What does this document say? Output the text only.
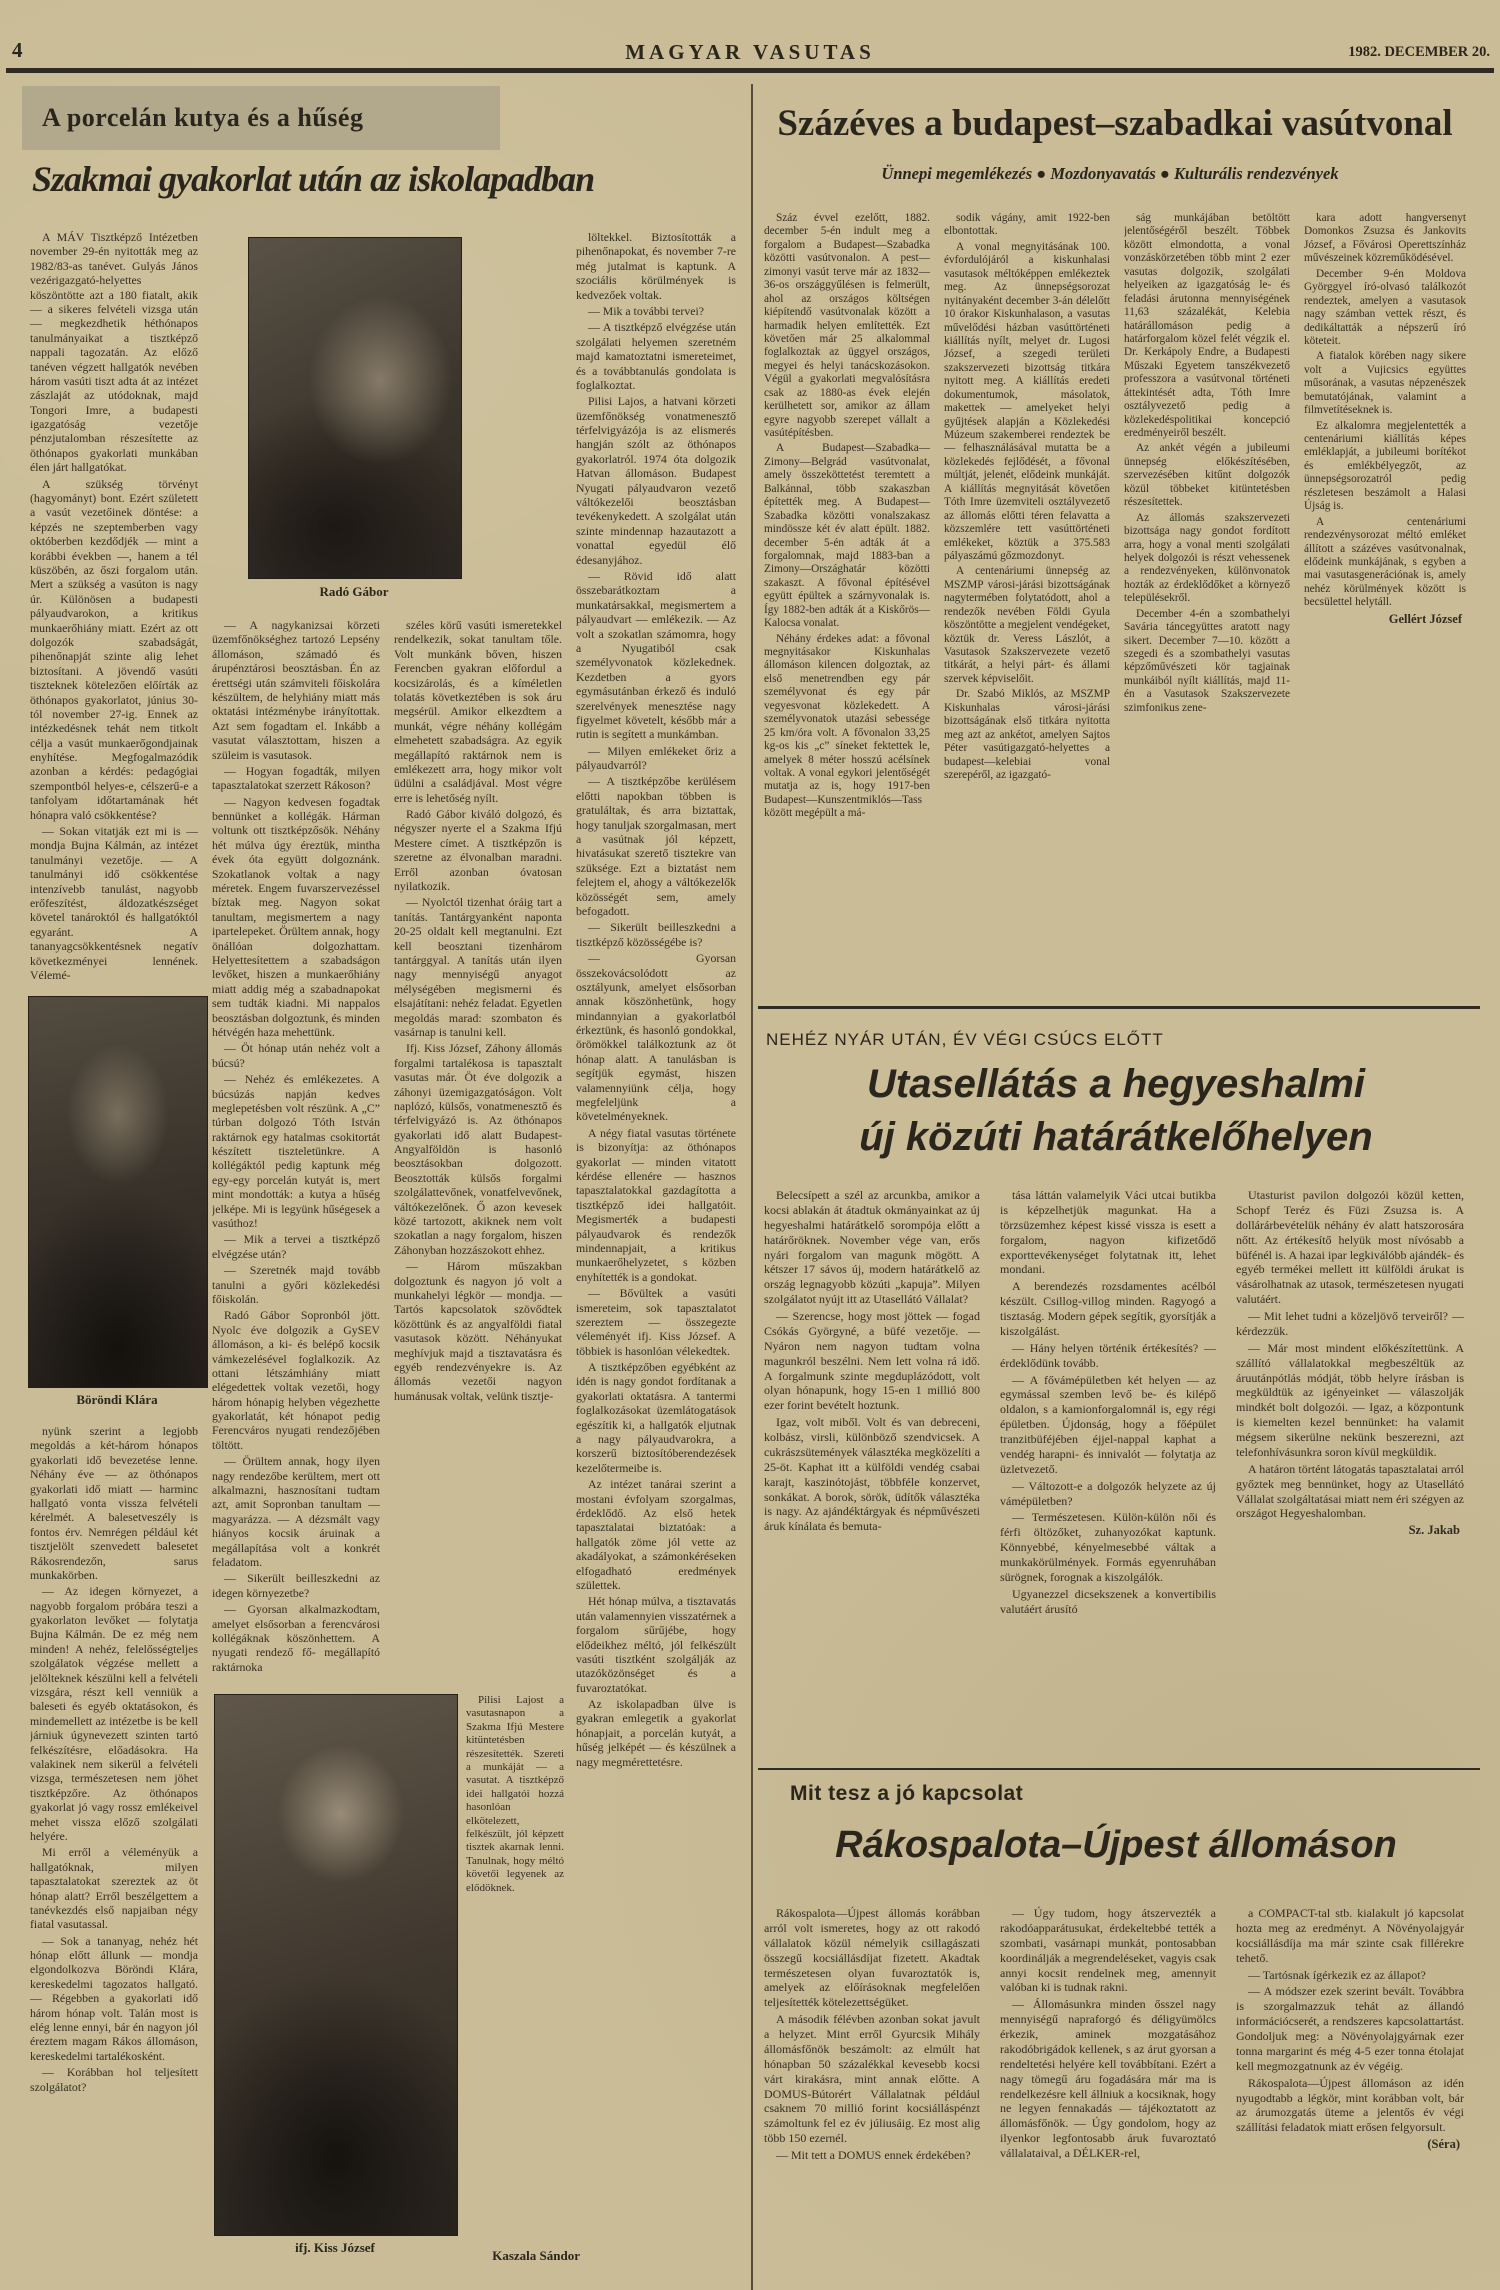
4	MAGYAR VASUTAS	1982. DECEMBER 20.
A porcelán kutya és a hűség
Szakmai gyakorlat után az iskolapadban

A MÁV Tisztképző Intézetben november 29-én nyitották meg az 1982/83-as tanévet. Gulyás János vezérigazgató-helyettes köszöntötte azt a 180 fiatalt, akik — a sikeres felvételi vizsga után — megkezdhetik héthónapos tanulmányaikat a tisztképző nappali tagozatán. Az előző tanéven végzett hallgatók nevében három vasúti tiszt adta át az intézet zászlaját az utódoknak, majd Tongori Imre, a budapesti igazgatóság vezetője pénzjutalomban részesítette az öthónapos gyakorlati munkában élen járt hallgatókat.

A szükség törvényt (hagyományt) bont. Ezért született a vasút vezetőinek döntése: a képzés ne szeptemberben vagy októberben kezdődjék — mint a korábbi években —, hanem a tél küszöbén, az őszi forgalom után. Mert a szükség a vasúton is nagy úr. Különösen a budapesti pályaudvarokon, a kritikus munkaerőhiány miatt. Ezért az ott dolgozók szabadságát, pihenőnapját szinte alig lehet biztosítani. A jövendő vasúti tiszteknek kötelezően előírták az öthónapos gyakorlatot, június 30-tól november 27-ig. Ennek az intézkedésnek tehát nem titkolt célja a vasút munkaerőgondjainak enyhítése. Megfogalmazódik azonban a kérdés: pedagógiai szempontból helyes-e, célszerű-e a tanfolyam időtartamának hét hónapra való csökkentése?

— Sokan vitatják ezt mi is — mondja Bujna Kálmán, az intézet tanulmányi vezetője. — A tanulmányi idő csökkentése intenzívebb tanulást, nagyobb erőfeszítést, áldozatkészséget követel tanároktól és hallgatóktól egyaránt. A tananyagcsökkentésnek negatív következményei lennének. Vélemé-

Böröndi Klára

nyünk szerint a legjobb megoldás a két-három hónapos gyakorlati idő bevezetése lenne. Néhány éve — az öthónapos gyakorlati idő miatt — harminc hallgató vonta vissza felvételi kérelmét. A balesetveszély is fontos érv. Nemrégen például két tisztjelölt szenvedett balesetet Rákosrendezőn, sarus munkakörben.

— Az idegen környezet, a nagyobb forgalom próbára teszi a gyakorlaton levőket — folytatja Bujna Kálmán. De ez még nem minden! A nehéz, felelősségteljes szolgálatok végzése mellett a jelölteknek készülni kell a felvételi vizsgára, részt kell venniük a baleseti és egyéb oktatásokon, és mindemellett az intézetbe is be kell járniuk úgynevezett szinten tartó felkészítésre, előadásokra. Ha valakinek nem sikerül a felvételi vizsga, természetesen nem jöhet tisztképzőre. Az öthónapos gyakorlat jó vagy rossz emlékeivel mehet vissza előző szolgálati helyére.

Mi erről a véleményük a hallgatóknak, milyen tapasztalatokat szereztek az öt hónap alatt? Erről beszélgettem a tanévkezdés első napjaiban négy fiatal vasutassal.

— Sok a tananyag, nehéz hét hónap előtt állunk — mondja elgondolkozva Böröndi Klára, kereskedelmi tagozatos hallgató. — Régebben a gyakorlati idő három hónap volt. Talán most is elég lenne ennyi, bár én nagyon jól éreztem magam Rákos állomáson, kereskedelmi tartalékosként.

— Korábban hol teljesített szolgálatot?

Radó Gábor

— A nagykanizsai körzeti üzemfőnökséghez tartozó Lepsény állomáson, számadó és árupénztárosi beosztásban. Én az érettségi után számviteli főiskolára készültem, de helyhiány miatt más oktatási intézménybe irányítottak. Azt sem fogadtam el. Inkább a vasutat választottam, hiszen a szüleim is vasutasok.

— Hogyan fogadták, milyen tapasztalatokat szerzett Rákoson?

— Nagyon kedvesen fogadtak bennünket a kollégák. Hárman voltunk ott tisztképzősök. Néhány hét múlva úgy éreztük, mintha évek óta együtt dolgoznánk. Szokatlanok voltak a nagy méretek. Engem fuvarszervezéssel bíztak meg. Nagyon sokat tanultam, megismertem a nagy ipartelepeket. Örültem annak, hogy önállóan dolgozhattam. Helyettesítettem a szabadságon levőket, hiszen a munkaerőhiány miatt addig még a szabadnapokat sem tudták kiadni. Mi nappalos beosztásban dolgoztunk, és minden hétvégén haza mehettünk.

— Öt hónap után nehéz volt a búcsú?

— Nehéz és emlékezetes. A búcsúzás napján kedves meglepetésben volt részünk. A „C” túrban dolgozó Tóth István raktárnok egy hatalmas csokitortát készített tiszteletünkre. A kollégáktól pedig kaptunk még egy-egy porcelán kutyát is, mert mint mondották: a kutya a hűség jelképe. Mi is legyünk hűségesek a vasúthoz!

— Mik a tervei a tisztképző elvégzése után?

— Szeretnék majd tovább tanulni a győri közlekedési főiskolán.

Radó Gábor Sopronból jött. Nyolc éve dolgozik a GySEV állomáson, a ki- és belépő kocsik vámkezelésével foglalkozik. Az ottani létszámhiány miatt elégedettek voltak vezetői, hogy három hónapig helyben végezhette gyakorlatát, két hónapot pedig Ferencváros nyugati rendezőjében töltött.

— Örültem annak, hogy ilyen nagy rendezőbe kerültem, mert ott alkalmazni, hasznosítani tudtam azt, amit Sopronban tanultam — magyarázza. — A dézsmált vagy hiányos kocsik áruinak a megállapítása volt a konkrét feladatom.

— Sikerült beilleszkedni az idegen környezetbe?

— Gyorsan alkalmazkodtam, amelyet elsősorban a ferencvárosi kollégáknak köszönhettem. A nyugati rendező fő- megállapító raktárnoka

széles körű vasúti ismeretekkel rendelkezik, sokat tanultam tőle. Volt munkánk bőven, hiszen Ferencben gyakran előfordul a kocsizárolás, és a kíméletlen tolatás következtében is sok áru megsérül. Amikor elkezdtem a munkát, végre néhány kollégám elmehetett szabadságra. Az egyik megállapító raktárnok nem is emlékezett arra, hogy mikor volt üdülni a családjával. Most végre erre is lehetőség nyílt.

Radó Gábor kiváló dolgozó, és négyszer nyerte el a Szakma Ifjú Mestere címet. A tisztképzőn is szeretne az élvonalban maradni. Erről azonban óvatosan nyilatkozik.

— Nyolctól tizenhat óráig tart a tanítás. Tantárgyanként naponta 20-25 oldalt kell megtanulni. Ezt kell beosztani tizenhárom tantárggyal. A tanítás után ilyen nagy mennyiségű anyagot mélységében megismerni és elsajátítani: nehéz feladat. Egyetlen megoldás marad: szombaton és vasárnap is tanulni kell.

Ifj. Kiss József, Záhony állomás forgalmi tartalékosa is tapasztalt vasutas már. Öt éve dolgozik a záhonyi üzemigazgatóságon. Volt naplózó, külsős, vonatmenesztő és térfelvigyázó is. Az öthónapos gyakorlati idő alatt Budapest-Angyalföldön is hasonló beosztásokban dolgozott. Beosztották külsős forgalmi szolgálattevőnek, vonatfelvevőnek, váltókezelőnek. Ő azon kevesek közé tartozott, akiknek nem volt szokatlan a nagy forgalom, hiszen Záhonyban hozzászokott ehhez.

— Három műszakban dolgoztunk és nagyon jó volt a munkahelyi légkör — mondja. — Tartós kapcsolatok szövődtek közöttünk és az angyalföldi fiatal vasutasok között. Néhányukat meghívjuk majd a tisztavatásra és egyéb rendezvényekre is. Az állomás vezetői nagyon humánusak voltak, velünk tisztje-

ifj. Kiss József

Pilisi Lajost a vasutasnapon a Szakma Ifjú Mestere kitüntetésben részesítették. Szereti a munkáját — a vasutat. A tisztképző idei hallgatói hozzá hasonlóan elkötelezett, felkészült, jól képzett tisztek akarnak lenni. Tanulnak, hogy méltó követői legyenek az elődöknek.

Kaszala Sándor

löltekkel. Biztosították a pihenőnapokat, és november 7-re még jutalmat is kaptunk. A szociális körülmények is kedvezőek voltak.

— Mik a további tervei?

— A tisztképző elvégzése után szolgálati helyemen szeretném majd kamatoztatni ismereteimet, és a továbbtanulás gondolata is foglalkoztat.

Pilisi Lajos, a hatvani körzeti üzemfőnökség vonatmenesztő térfelvigyázója is az elismerés hangján szólt az öthónapos gyakorlatról. 1974 óta dolgozik Hatvan állomáson. Budapest Nyugati pályaudvaron vezető váltókezelői beosztásban tevékenykedett. A szolgálat után szinte mindennap hazautazott a vonattal egyedül élő édesanyjához.

— Rövid idő alatt összebarátkoztam a munkatársakkal, megismertem a pályaudvart — emlékezik. — Az volt a szokatlan számomra, hogy a Nyugatiból csak személyvonatok közlekednek. Kezdetben a gyors egymásutánban érkező és induló szerelvények menesztése nagy figyelmet követelt, később már a rutin is segített a munkámban.

— Milyen emlékeket őriz a pályaudvarról?

— A tisztképzőbe kerülésem előtti napokban többen is gratuláltak, és arra biztattak, hogy tanuljak szorgalmasan, mert a vasútnak jól képzett, hivatásukat szerető tisztekre van szüksége. Ezt a biztatást nem felejtem el, ahogy a váltókezelők közösségét sem, amely befogadott.

— Sikerült beilleszkedni a tisztképző közösségébe is?

— Gyorsan összekovácsolódott az osztályunk, amelyet elsősorban annak köszönhetünk, hogy mindannyian a gyakorlatból érkeztünk, és hasonló gondokkal, örömökkel találkoztunk az öt hónap alatt. A tanulásban is segítjük egymást, hiszen valamennyiünk célja, hogy megfeleljünk a követelményeknek.

A négy fiatal vasutas története is bizonyítja: az öthónapos gyakorlat — minden vitatott kérdése ellenére — hasznos tapasztalatokkal gazdagította a tisztképző idei hallgatóit. Megismerték a budapesti pályaudvarok és rendezők mindennapjait, a kritikus munkaerőhelyzetet, s közben enyhítették is a gondokat.

— Bővültek a vasúti ismereteim, sok tapasztalatot szereztem — összegezte véleményét ifj. Kiss József. A többiek is hasonlóan vélekedtek.

A tisztképzőben egyébként az idén is nagy gondot fordítanak a gyakorlati oktatásra. A tantermi foglalkozásokat üzemlátogatások egészítik ki, a hallgatók eljutnak a nagy pályaudvarokra, a korszerű biztosítóberendezések kezelőtermeibe is.

Az intézet tanárai szerint a mostani évfolyam szorgalmas, érdeklődő. Az első hetek tapasztalatai biztatóak: a hallgatók zöme jól vette az akadályokat, a számonkéréseken elfogadható eredmények születtek.

Hét hónap múlva, a tisztavatás után valamennyien visszatérnek a forgalom sűrűjébe, hogy elődeikhez méltó, jól felkészült vasúti tisztként szolgálják az utazóközönséget és a fuvaroztatókat.

Az iskolapadban ülve is gyakran emlegetik a gyakorlat hónapjait, a porcelán kutyát, a hűség jelképét — és készülnek a nagy megmérettetésre.

Százéves a budapest–szabadkai vasútvonal
Ünnepi megemlékezés ● Mozdonyavatás ● Kulturális rendezvények

Száz évvel ezelőtt, 1882. december 5-én indult meg a forgalom a Budapest—Szabadka közötti vasútvonalon. A pest—zimonyi vasút terve már az 1832—36-os országgyűlésen is felmerült, ahol az országos költségen kiépítendő vasútvonalak között a harmadik helyen említették. Ezt követően már 25 alkalommal foglalkoztak az üggyel országos, megyei és helyi tanácskozásokon. Végül a gyakorlati megvalósításra csak az 1880-as évek elején kerülhetett sor, amikor az állam egyre nagyobb szerepet vállalt a vasútépítésben.

A Budapest—Szabadka—Zimony—Belgrád vasútvonalat, amely összeköttetést teremtett a Balkánnal, több szakaszban építették meg. A Budapest—Szabadka közötti vonalszakasz mindössze két év alatt épült. 1882. december 5-én adták át a forgalomnak, majd 1883-ban a Zimony—Országhatár közötti szakaszt. A fővonal építésével együtt épültek a szárnyvonalak is. Így 1882-ben adták át a Kiskőrös—Kalocsa vonalat.

Néhány érdekes adat: a fővonal megnyitásakor Kiskunhalas állomáson kilencen dolgoztak, az első menetrendben egy pár személyvonat és egy pár vegyesvonat közlekedett. A személyvonatok utazási sebessége 25 km/óra volt. A fővonalon 33,25 kg-os kis „c” síneket fektettek le, amelyek 8 méter hosszú acélsínek voltak. A vonal egykori jelentőségét mutatja az is, hogy 1917-ben Budapest—Kunszentmiklós—Tass között megépült a má-

sodik vágány, amit 1922-ben elbontottak.

A vonal megnyitásának 100. évfordulójáról a kiskunhalasi vasutasok méltóképpen emlékeztek meg. Az ünnepségsorozat nyitányaként december 3-án délelőtt 10 órakor Kiskunhalason, a vasutas művelődési házban vasúttörténeti kiállítás nyílt, melyet dr. Lugosi József, a szegedi területi szakszervezeti bizottság titkára nyitott meg. A kiállítás eredeti dokumentumok, másolatok, makettek — amelyeket helyi gyűjtések alapján a Közlekedési Múzeum szakemberei rendeztek be — felhasználásával mutatta be a közlekedés fejlődését, a fővonal múltját, jelenét, elődeink munkáját. A kiállítás megnyitását követően Tóth Imre üzemviteli osztályvezető az állomás előtti téren felavatta a közszemlére tett vasúttörténeti emlékeket, köztük a 375.583 pályaszámú gőzmozdonyt.

A centenáriumi ünnepség az MSZMP városi-járási bizottságának nagytermében folytatódott, ahol a rendezők nevében Földi Gyula köszöntötte a megjelent vendégeket, köztük dr. Veress Lászlót, a Vasutasok Szakszervezete vezető titkárát, a helyi párt- és állami szervek képviselőit.

Dr. Szabó Miklós, az MSZMP Kiskunhalas városi-járási bizottságának első titkára nyitotta meg azt az ankétot, amelyen Sajtos Péter vasútigazgató-helyettes a budapest—kelebiai vonal szerepéről, az igazgató-

ság munkájában betöltött jelentőségéről beszélt. Többek között elmondotta, a vonal vonzáskörzetében több mint 2 ezer vasutas dolgozik, szolgálati helyeiken az igazgatóság le- és feladási árutonna mennyiségének 11,63 százalékát, Kelebia határállomáson pedig a határforgalom közel felét végzik el. Dr. Kerkápoly Endre, a Budapesti Műszaki Egyetem tanszékvezető professzora a vasútvonal történeti áttekintését adta, Tóth Imre osztályvezető pedig a közlekedéspolitikai koncepció eredményeiről beszélt.

Az ankét végén a jubileumi ünnepség előkészítésében, szervezésében kitűnt dolgozók közül többeket kitüntetésben részesítettek.

Az állomás szakszervezeti bizottsága nagy gondot fordított arra, hogy a vonal menti szolgálati helyek dolgozói is részt vehessenek a rendezvényeken, különvonatok hozták az érdeklődőket a környező településekről.

December 4-én a szombathelyi Savária táncegyüttes aratott nagy sikert. December 7—10. között a szegedi és a szombathelyi vasutas képzőművészeti kör tagjainak munkáiból nyílt kiállítás, majd 11-én a Vasutasok Szakszervezete szimfonikus zene-

kara adott hangversenyt Domonkos Zsuzsa és Jankovits József, a Fővárosi Operettszínház művészeinek közreműködésével.

December 9-én Moldova Györggyel író-olvasó találkozót rendeztek, amelyen a vasutasok nagy számban vettek részt, és dedikáltatták a népszerű író köteteit.

A fiatalok körében nagy sikere volt a Vujicsics együttes műsorának, a vasutas népzenészek bemutatójának, valamint a filmvetítéseknek is.

Ez alkalomra megjelentették a centenáriumi kiállítás képes emléklapját, a jubileumi borítékot és emlékbélyegzőt, az ünnepségsorozatról pedig részletesen beszámolt a Halasi Újság is.

A centenáriumi rendezvénysorozat méltó emléket állított a százéves vasútvonalnak, elődeink munkájának, s egyben a mai vasutasgenerációnak is, amely nehéz körülmények között is becsülettel helytáll.

Gellért József

NEHÉZ NYÁR UTÁN, ÉV VÉGI CSÚCS ELŐTT
Utasellátás a hegyeshalmi
új közúti határátkelőhelyen

Belecsípett a szél az arcunkba, amikor a kocsi ablakán át átadtuk okmányainkat az új hegyeshalmi határátkelő sorompója előtt a határőröknek. November vége van, erős nyári forgalom van magunk mögött. A kétszer 17 sávos új, modern határátkelő az ország legnagyobb közúti „kapuja”. Milyen szolgálatot nyújt itt az Utasellátó Vállalat?

— Szerencse, hogy most jöttek — fogad Csókás Györgyné, a büfé vezetője. — Nyáron nem nagyon tudtam volna magunkról beszélni. Nem lett volna rá idő. A forgalmunk szinte megduplázódott, volt olyan hónapunk, hogy 15-en 1 millió 800 ezer forint bevételt hoztunk.

Igaz, volt miből. Volt és van debreceni, kolbász, virsli, különböző szendvicsek. A cukrászsütemények választéka megközelíti a 25-öt. Kaphat itt a külföldi vendég csabai karajt, kaszinótojást, többféle konzervet, sonkákat. A borok, sörök, üdítők választéka is nagy. Az ajándéktárgyak és népművészeti áruk kínálata és bemuta-

tása láttán valamelyik Váci utcai butikba is képzelhetjük magunkat. Ha a törzsüzemhez képest kissé vissza is esett a forgalom, nagyon kifizetődő exporttevékenységet folytatnak itt, lehet mondani.

A berendezés rozsdamentes acélból készült. Csillog-villog minden. Ragyogó a tisztaság. Modern gépek segítik, gyorsítják a kiszolgálást.

— Hány helyen történik értékesítés? — érdeklődünk tovább.

— A fővámépületben két helyen — az egymással szemben levő be- és kilépő oldalon, s a kamionforgalomnál is, egy régi épületben. Újdonság, hogy a főépület tranzitbüféjében éjjel-nappal kaphat a vendég harapni- és innivalót — folytatja az üzletvezető.

— Változott-e a dolgozók helyzete az új vámépületben?

— Természetesen. Külön-külön női és férfi öltözőket, zuhanyozókat kaptunk. Könnyebbé, kényelmesebbé váltak a munkakörülmények. Formás egyenruhában sürögnek, forognak a kiszolgálók.

Ugyanezzel dicsekszenek a konvertibilis valutáért árusító

Utasturist pavilon dolgozói közül ketten, Schopf Teréz és Füzi Zsuzsa is. A dollárárbevételük néhány év alatt hatszorosára nőtt. Az értékesítő helyük most nívósabb a büfénél is. A hazai ipar legkiválóbb ajándék- és egyéb termékei mellett itt külföldi árukat is vásárolhatnak az utasok, természetesen nyugati valutáért.

— Mit lehet tudni a közeljövő terveiről? — kérdezzük.

— Már most mindent előkészítettünk. A szállító vállalatokkal megbeszéltük az áruutánpótlás módját, több helyre írásban is megküldtük az igényeinket — válaszolják mindkét bolt dolgozói. — Igaz, a központunk is kiemelten kezel bennünket: ha valamit mégsem sikerülne nekünk beszerezni, azt telefonhívásunkra soron kívül megküldik.

A határon történt látogatás tapasztalatai arról győztek meg bennünket, hogy az Utasellátó Vállalat szolgáltatásai miatt nem éri szégyen az országot Hegyeshalomban.

Sz. Jakab

Mit tesz a jó kapcsolat
Rákospalota–Újpest állomáson

Rákospalota—Újpest állomás korábban arról volt ismeretes, hogy az ott rakodó vállalatok közül némelyik csillagászati összegű kocsiállásdíjat fizetett. Akadtak természetesen olyan fuvaroztatók is, amelyek az előírásoknak megfelelően teljesítették kötelezettségüket.

A második félévben azonban sokat javult a helyzet. Mint erről Gyurcsik Mihály állomásfőnök beszámolt: az elmúlt hat hónapban 50 százalékkal kevesebb kocsi várt kirakásra, mint annak előtte. A DOMUS-Bútorért Vállalatnak például csaknem 70 millió forint kocsiálláspénzt számoltunk fel ez év júliusáig. Ez most alig több 150 ezernél.

— Mit tett a DOMUS ennek érdekében?

— Úgy tudom, hogy átszervezték a rakodóapparátusukat, érdekeltebbé tették a szombati, vasárnapi munkát, pontosabban koordinálják a megrendeléseket, vagyis csak annyi kocsit rendelnek meg, amennyit valóban ki is tudnak rakni.

— Állomásunkra minden ősszel nagy mennyiségű napraforgó és déligyümölcs érkezik, aminek mozgatásához rakodóbrigádok kellenek, s az árut gyorsan a rendeltetési helyére kell továbbítani. Ezért a nagy tömegű áru fogadására már ma is rendelkezésre kell állniuk a kocsiknak, hogy ne legyen fennakadás — tájékoztatott az állomásfőnök. — Úgy gondolom, hogy az ilyenkor legfontosabb áruk fuvaroztató vállalataival, a DÉLKER-rel,

a COMPACT-tal stb. kialakult jó kapcsolat hozta meg az eredményt. A Növényolajgyár kocsiállásdíja ma már szinte csak fillérekre tehető.

— Tartósnak ígérkezik ez az állapot?

— A módszer ezek szerint bevált. Továbbra is szorgalmazzuk tehát az állandó információcserét, a rendszeres kapcsolattartást. Gondoljuk meg: a Növényolajgyárnak ezer tonna margarint és még 4-5 ezer tonna étolajat kell megmozgatnunk az év végéig.

Rákospalota—Újpest állomáson az idén nyugodtabb a légkör, mint korábban volt, bár az árumozgatás üteme a jelentős év végi szállítási feladatok miatt erősen felgyorsult.

(Séra)
